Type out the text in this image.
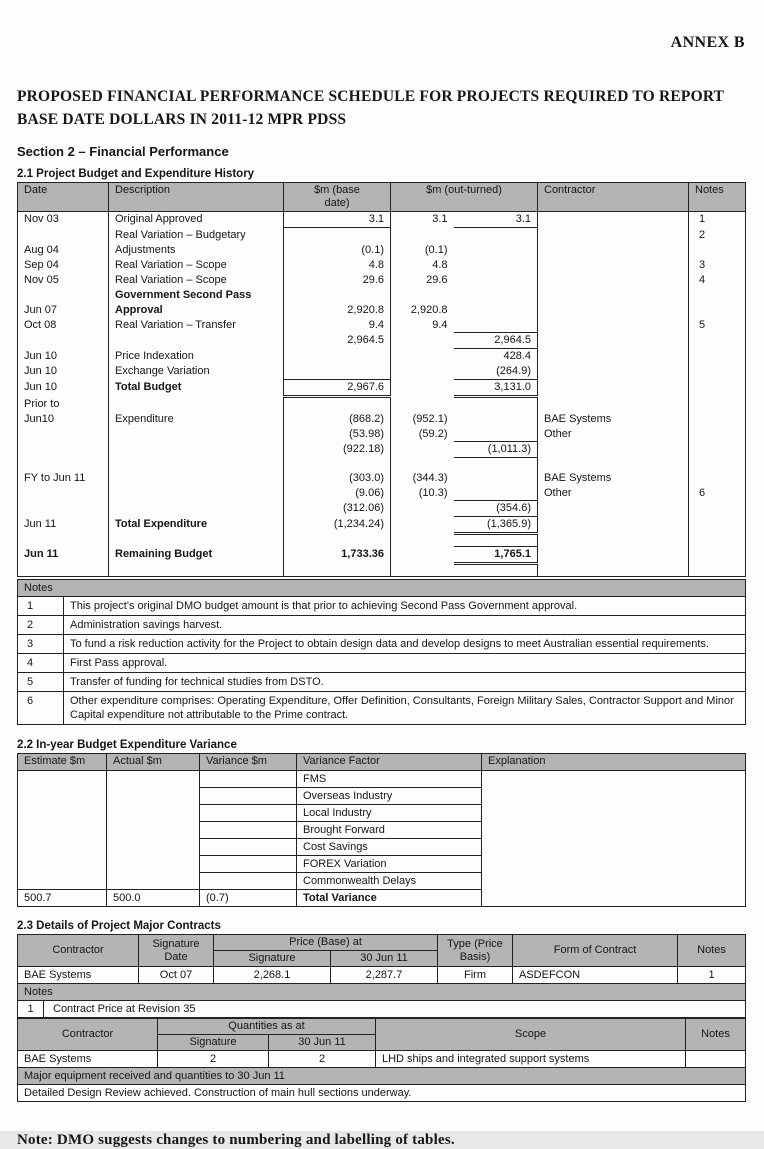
ANNEX B
PROPOSED FINANCIAL PERFORMANCE SCHEDULE FOR PROJECTS REQUIRED TO REPORT
BASE DATE DOLLARS IN 2011-12 MPR PDSS
Section 2 – Financial Performance
2.1 Project Budget and Expenditure History
Date	Description	$m (base date)	$m (out-turned)		Contractor	Notes
Nov 03	Original Approved	3.1	3.1	3.1		1
	Real Variation – Budgetary					2
Aug 04	Adjustments	(0.1)	(0.1)			
Sep 04	Real Variation – Scope	4.8	4.8			3
Nov 05	Real Variation – Scope	29.6	29.6			4
	Government Second Pass					
Jun 07	Approval	2,920.8	2,920.8			
Oct 08	Real Variation – Transfer	9.4	9.4			5
		2,964.5		2,964.5		
Jun 10	Price Indexation			428.4		
Jun 10	Exchange Variation			(264.9)		
Jun 10	Total Budget	2,967.6		3,131.0		
Prior to						
Jun10	Expenditure	(868.2)	(952.1)		BAE Systems	
		(53.98)	(59.2)		Other	
		(922.18)		(1,011.3)		

FY to Jun 11		(303.0)	(344.3)		BAE Systems	
		(9.06)	(10.3)		Other	6
		(312.06)		(354.6)		
Jun 11	Total Expenditure	(1,234.24)		(1,365.9)		

Jun 11	Remaining Budget	1,733.36		1,765.1		

Notes	
1	This project's original DMO budget amount is that prior to achieving Second Pass Government approval.
2	Administration savings harvest.
3	To fund a risk reduction activity for the Project to obtain design data and develop designs to meet Australian essential requirements.
4	First Pass approval.
5	Transfer of funding for technical studies from DSTO.
6	Other expenditure comprises: Operating Expenditure, Offer Definition, Consultants, Foreign Military Sales, Contractor Support and Minor Capital expenditure not attributable to the Prime contract.
2.2 In-year Budget Expenditure Variance
Estimate $m	Actual $m	Variance $m	Variance Factor	Explanation
			FMS	
			Overseas Industry	
			Local Industry	
			Brought Forward	
			Cost Savings	
			FOREX Variation	
			Commonwealth Delays	
500.7	500.0	(0.7)	Total Variance	
2.3 Details of Project Major Contracts
Contractor	Signature Date	Price (Base) at		Type (Price Basis)	Form of Contract	Notes
		Signature	30 Jun 11			
BAE Systems	Oct 07	2,268.1	2,287.7	Firm	ASDEFCON	1
Notes						

1 Contract Price at Revision 35						
Contractor	Quantities as at		Scope	Notes
	Signature	30 Jun 11		
BAE Systems	2	2	LHD ships and integrated support systems	
Major equipment received and quantities to 30 Jun 11				
Detailed Design Review achieved. Construction of main hull sections underway.				

Note: DMO suggests changes to numbering and labelling of tables.
